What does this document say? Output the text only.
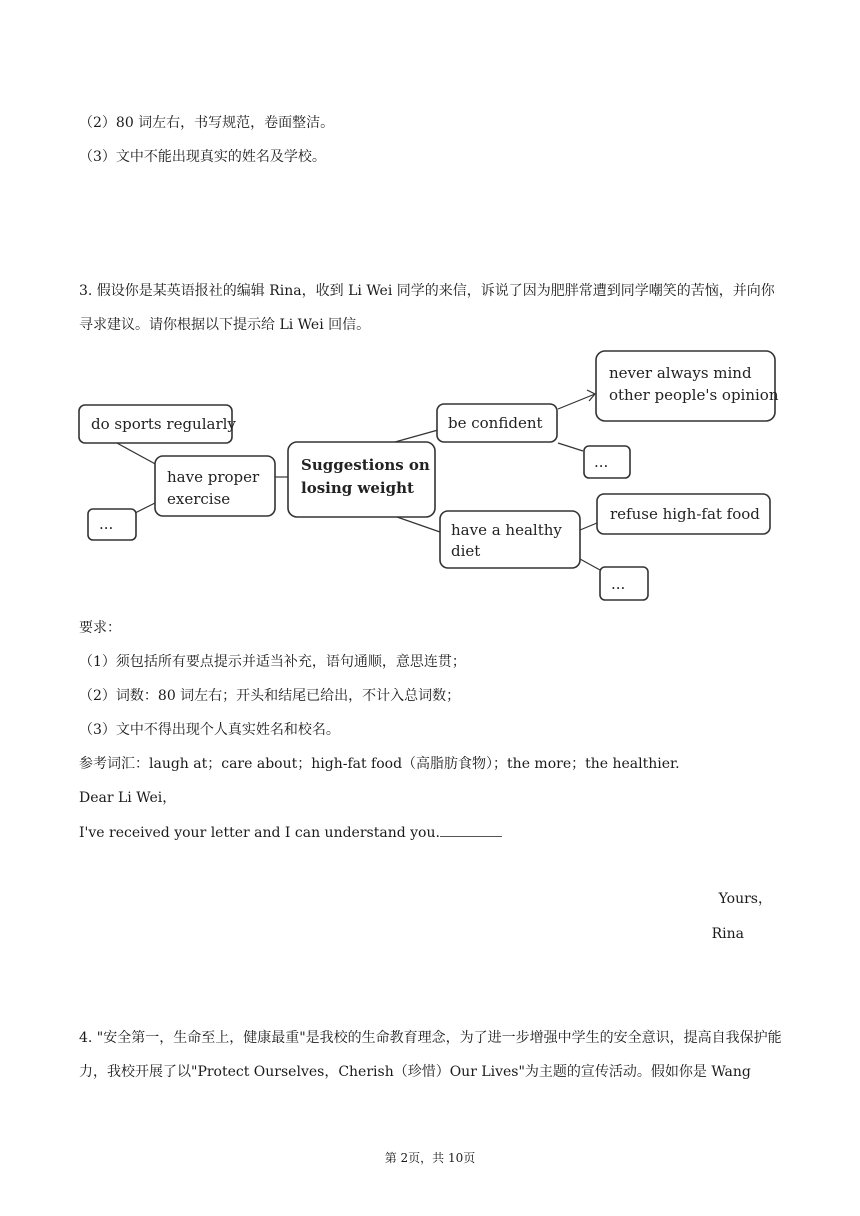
（2）80 词左右，书写规范，卷面整洁。
（3）文中不能出现真实的姓名及学校。
3. 假设你是某英语报社的编辑 Rina，收到 Li Wei 同学的来信，诉说了因为肥胖常遭到同学嘲笑的苦恼，并向你寻求建议。请你根据以下提示给 Li Wei 回信。
do sports regularly
have proper
exercise
...
Suggestions on
losing weight
be confident
never always mind
other people's opinion
...
have a healthy
diet
refuse high-fat food
...
要求：
（1）须包括所有要点提示并适当补充，语句通顺，意思连贯；
（2）词数：80 词左右；开头和结尾已给出，不计入总词数；
（3）文中不得出现个人真实姓名和校名。
参考词汇：laugh at；care about；high-fat food（高脂肪食物）；the more；the healthier.
Dear Li Wei，
I've received your letter and I can understand you.
Yours，
Rina
4. "安全第一，生命至上，健康最重"是我校的生命教育理念，为了进一步增强中学生的安全意识，提高自我保护能力，我校开展了以"Protect Ourselves，Cherish（珍惜）Our Lives"为主题的宣传活动。假如你是 Wang
第 2页，共 10页
